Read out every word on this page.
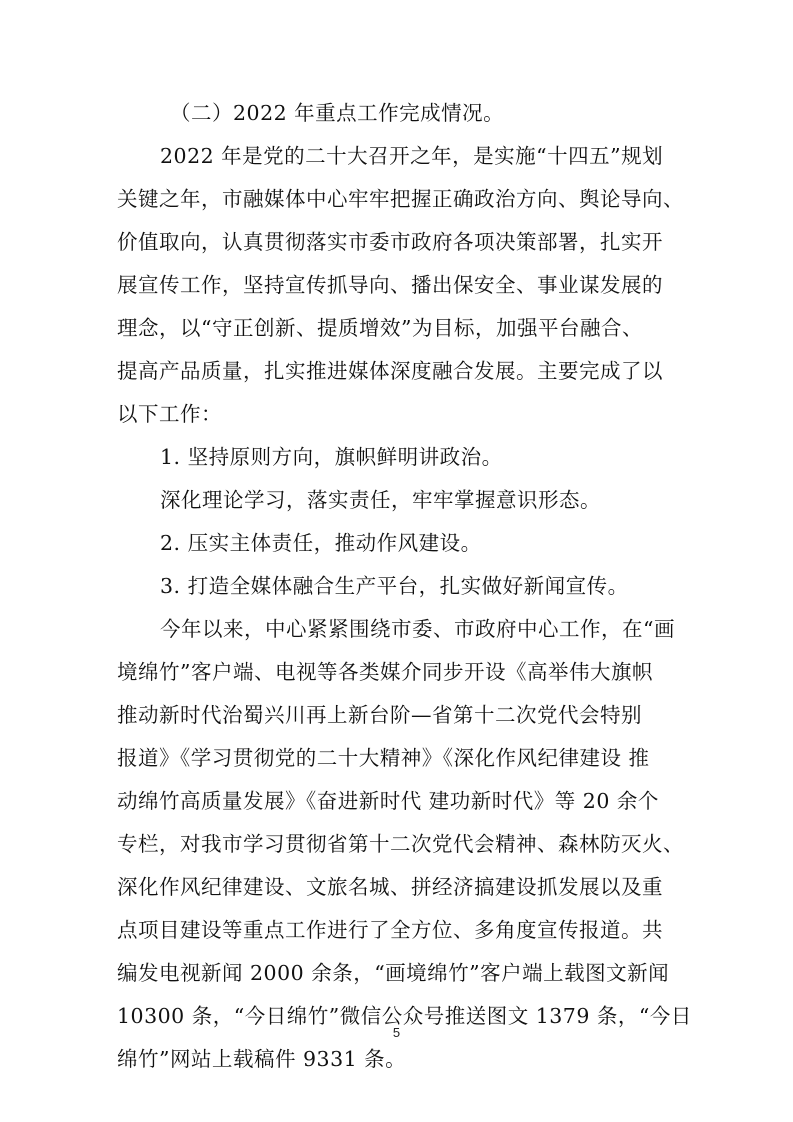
（二）2022 年重点工作完成情况。
2022 年是党的二十大召开之年，是实施“十四五”规划
关键之年，市融媒体中心牢牢把握正确政治方向、舆论导向、
价值取向，认真贯彻落实市委市政府各项决策部署，扎实开
展宣传工作，坚持宣传抓导向、播出保安全、事业谋发展的
理念，以“守正创新、提质增效”为目标，加强平台融合、
提高产品质量，扎实推进媒体深度融合发展。主要完成了以
以下工作：
1. 坚持原则方向，旗帜鲜明讲政治。
深化理论学习，落实责任，牢牢掌握意识形态。
2. 压实主体责任，推动作风建设。
3. 打造全媒体融合生产平台，扎实做好新闻宣传。
今年以来，中心紧紧围绕市委、市政府中心工作，在“画
境绵竹”客户端、电视等各类媒介同步开设《高举伟大旗帜
推动新时代治蜀兴川再上新台阶—省第十二次党代会特别
报道》《学习贯彻党的二十大精神》《深化作风纪律建设 推
动绵竹高质量发展》《奋进新时代 建功新时代》等 20 余个
专栏，对我市学习贯彻省第十二次党代会精神、森林防灭火、
深化作风纪律建设、文旅名城、拼经济搞建设抓发展以及重
点项目建设等重点工作进行了全方位、多角度宣传报道。共
编发电视新闻 2000 余条，“画境绵竹”客户端上载图文新闻
10300 条，“今日绵竹”微信公众号推送图文 1379 条，“今日
绵竹”网站上载稿件 9331 条。
5
